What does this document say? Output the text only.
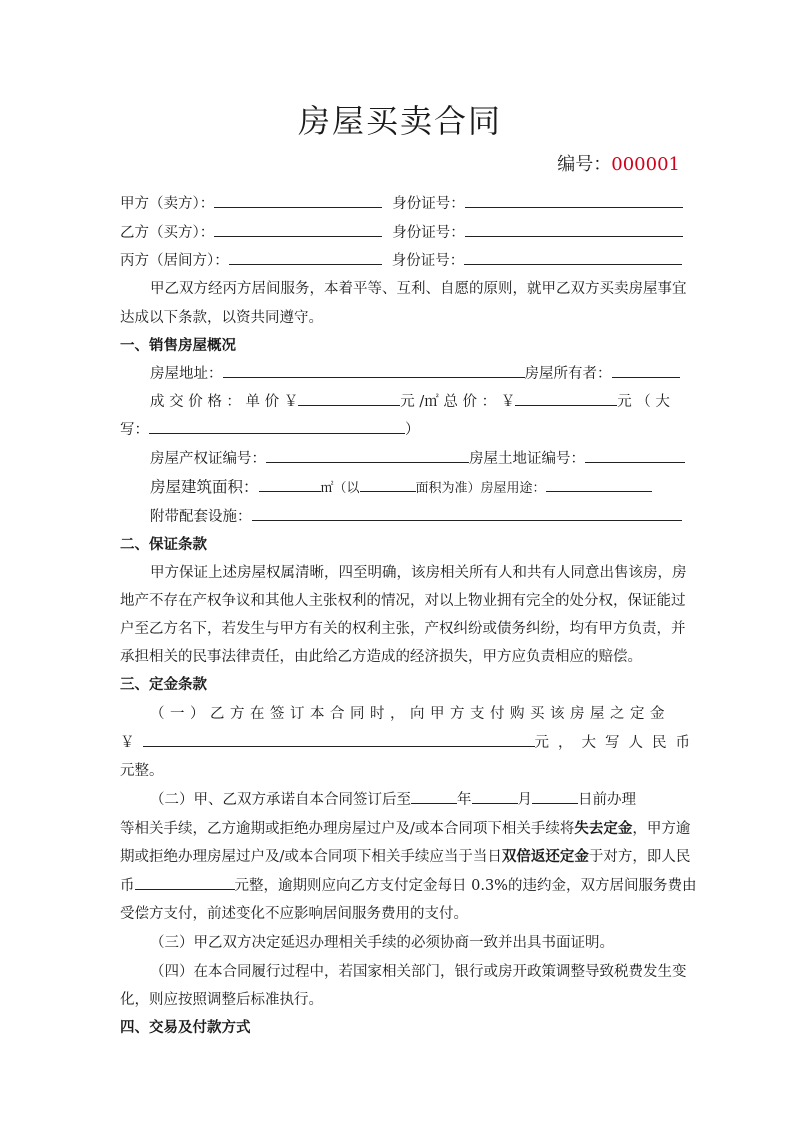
房屋买卖合同
编号：000001
甲方（卖方）：	身份证号：
乙方（买方）：	身份证号：
丙方（居间方）：	身份证号：
甲乙双方经丙方居间服务，本着平等、互利、自愿的原则，就甲乙双方买卖房屋事宜
达成以下条款，以资共同遵守。
一、销售房屋概况
房屋地址：	房屋所有者：
成 交 价 格 ： 单 价 ￥	元 /㎡ 总 价 ： ￥	元 （ 大
写：	）
房屋产权证编号：	房屋土地证编号：
房屋建筑面积：	㎡（以	面积为准）房屋用途：
附带配套设施：
二、保证条款
甲方保证上述房屋权属清晰，四至明确，该房相关所有人和共有人同意出售该房，房
地产不存在产权争议和其他人主张权利的情况，对以上物业拥有完全的处分权，保证能过
户至乙方名下，若发生与甲方有关的权利主张，产权纠纷或债务纠纷，均有甲方负责，并
承担相关的民事法律责任，由此给乙方造成的经济损失，甲方应负责相应的赔偿。
三、定金条款
（一）乙方在签订本合同时，向甲方支付购买该房屋之定金
￥	元，大写人民币
元整。
（二）甲、乙双方承诺自本合同签订后至	年	月	日前办理
等相关手续，乙方逾期或拒绝办理房屋过户及/或本合同项下相关手续将失去定金，甲方逾
期或拒绝办理房屋过户及/或本合同项下相关手续应当于当日双倍返还定金于对方，即人民
币	元整，逾期则应向乙方支付定金每日 0.3%的违约金，双方居间服务费由
受偿方支付，前述变化不应影响居间服务费用的支付。
（三）甲乙双方决定延迟办理相关手续的必须协商一致并出具书面证明。
（四）在本合同履行过程中，若国家相关部门，银行或房开政策调整导致税费发生变
化，则应按照调整后标准执行。
四、交易及付款方式
